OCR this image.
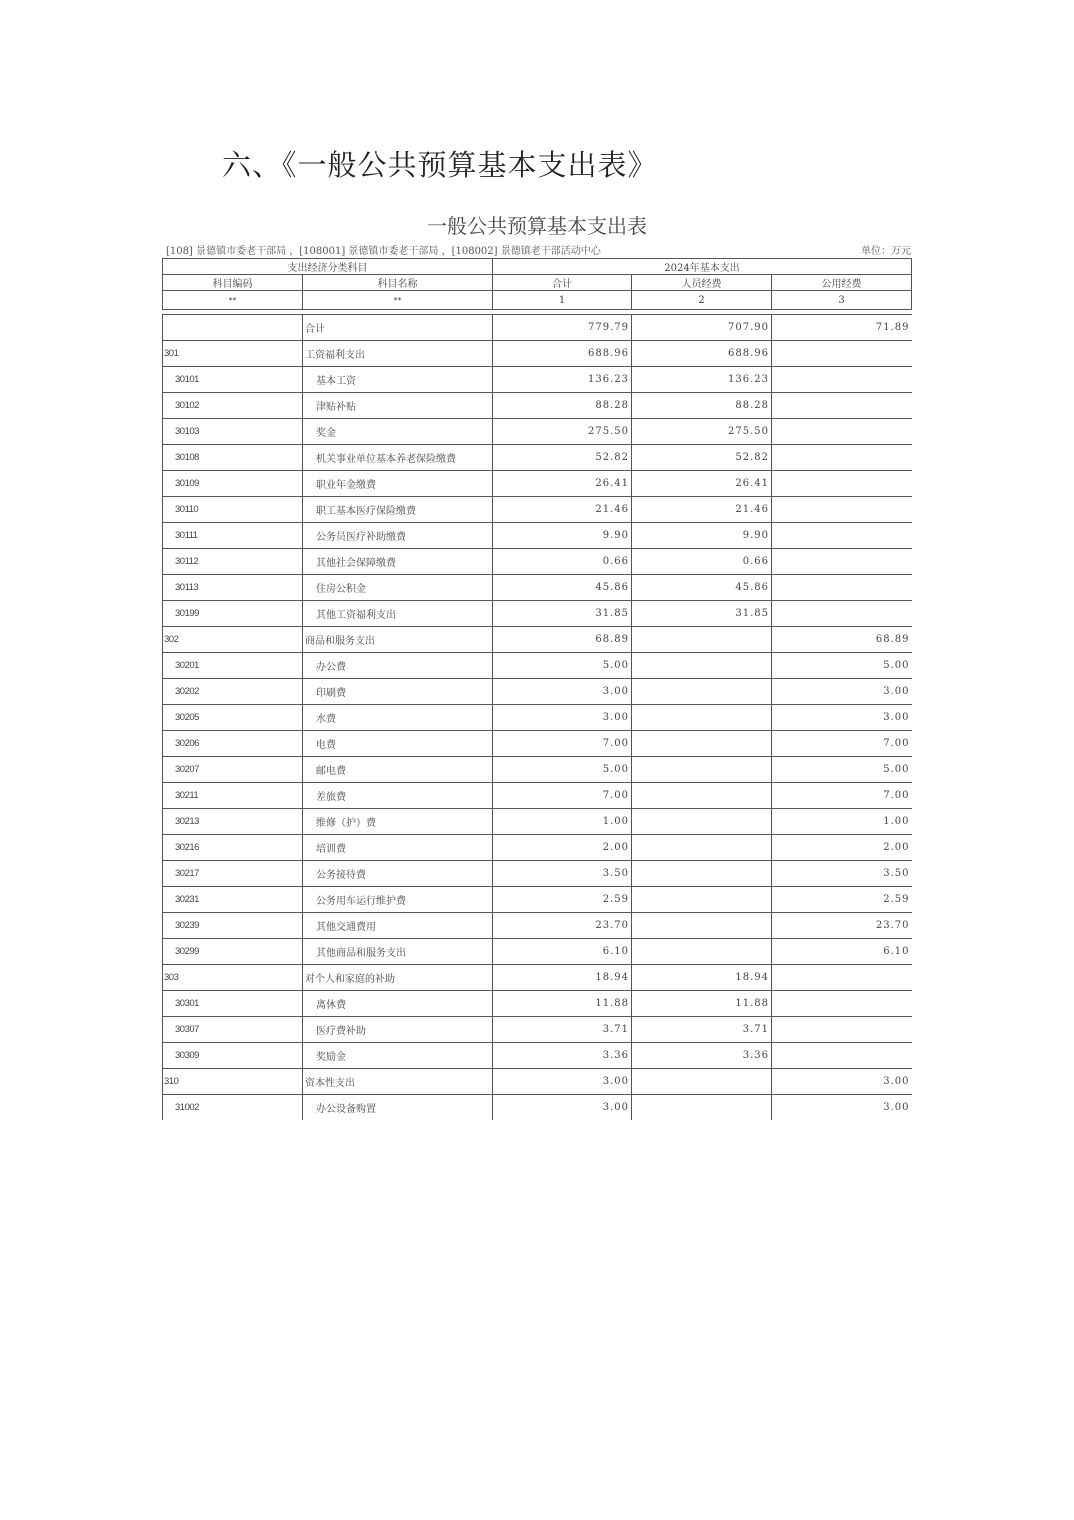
六、《一般公共预算基本支出表》
一般公共预算基本支出表
[108] 景德镇市委老干部局 ，[108001] 景德镇市委老干部局 ，[108002] 景德镇老干部活动中心	单位：万元
支出经济分类科目		2024年基本支出		
科目编码	科目名称	合计	人员经费	公用经费
**	**	1	2	3

	合计	779.79	707.90	71.89
301	工资福利支出	688.96	688.96	
30101	基本工资	136.23	136.23	
30102	津贴补贴	88.28	88.28	
30103	奖金	275.50	275.50	
30108	机关事业单位基本养老保险缴费	52.82	52.82	
30109	职业年金缴费	26.41	26.41	
30110	职工基本医疗保险缴费	21.46	21.46	
30111	公务员医疗补助缴费	9.90	9.90	
30112	其他社会保障缴费	0.66	0.66	
30113	住房公积金	45.86	45.86	
30199	其他工资福利支出	31.85	31.85	
302	商品和服务支出	68.89		68.89
30201	办公费	5.00		5.00
30202	印刷费	3.00		3.00
30205	水费	3.00		3.00
30206	电费	7.00		7.00
30207	邮电费	5.00		5.00
30211	差旅费	7.00		7.00
30213	维修（护）费	1.00		1.00
30216	培训费	2.00		2.00
30217	公务接待费	3.50		3.50
30231	公务用车运行维护费	2.59		2.59
30239	其他交通费用	23.70		23.70
30299	其他商品和服务支出	6.10		6.10
303	对个人和家庭的补助	18.94	18.94	
30301	离休费	11.88	11.88	
30307	医疗费补助	3.71	3.71	
30309	奖励金	3.36	3.36	
310	资本性支出	3.00		3.00
31002	办公设备购置	3.00		3.00
